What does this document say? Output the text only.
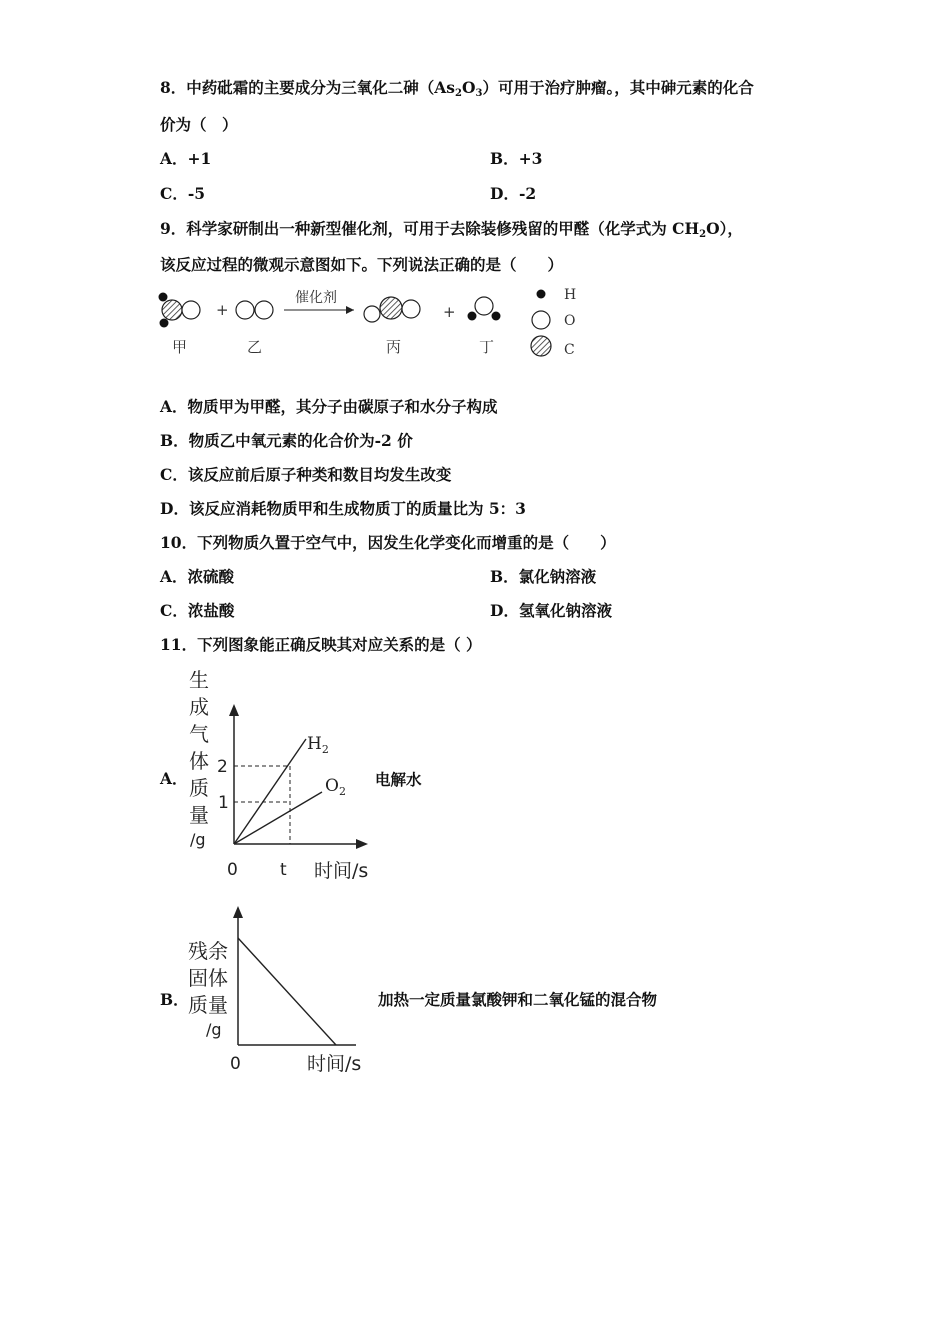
8．中药砒霜的主要成分为三氧化二砷$(As_2O_3)$可用于治疗肿瘤。，其中砷元素的化合
价为（　）
A．+1	B．+3
C．-5	D．-2
9．科学家研制出一种新型催化剂，可用于去除装修残留的甲醛（化学式为 $CH_2O$），
该反应过程的微观示意图如下。下列说法正确的是（　　）
+
催化剂
+
甲	乙	丙	丁
H
O
C
A．物质甲为甲醛，其分子由碳原子和水分子构成
B．物质乙中氧元素的化合价为-2 价
C．该反应前后原子种类和数目均发生改变
D．该反应消耗物质甲和生成物质丁的质量比为 5：3
10．下列物质久置于空气中，因发生化学变化而增重的是（　　）
A．浓硫酸	B．氯化钠溶液
C．浓盐酸	D．氢氧化钠溶液
11．下列图象能正确反映其对应关系的是（ ）
A．
生
成
气
体
质
量
/g
$H_2$
$O_2$
2
1
0 t 时间/s
电解水
B．
残余
固体
质量
/g
0	时间/s
加热一定质量氯酸钾和二氧化锰的混合物
